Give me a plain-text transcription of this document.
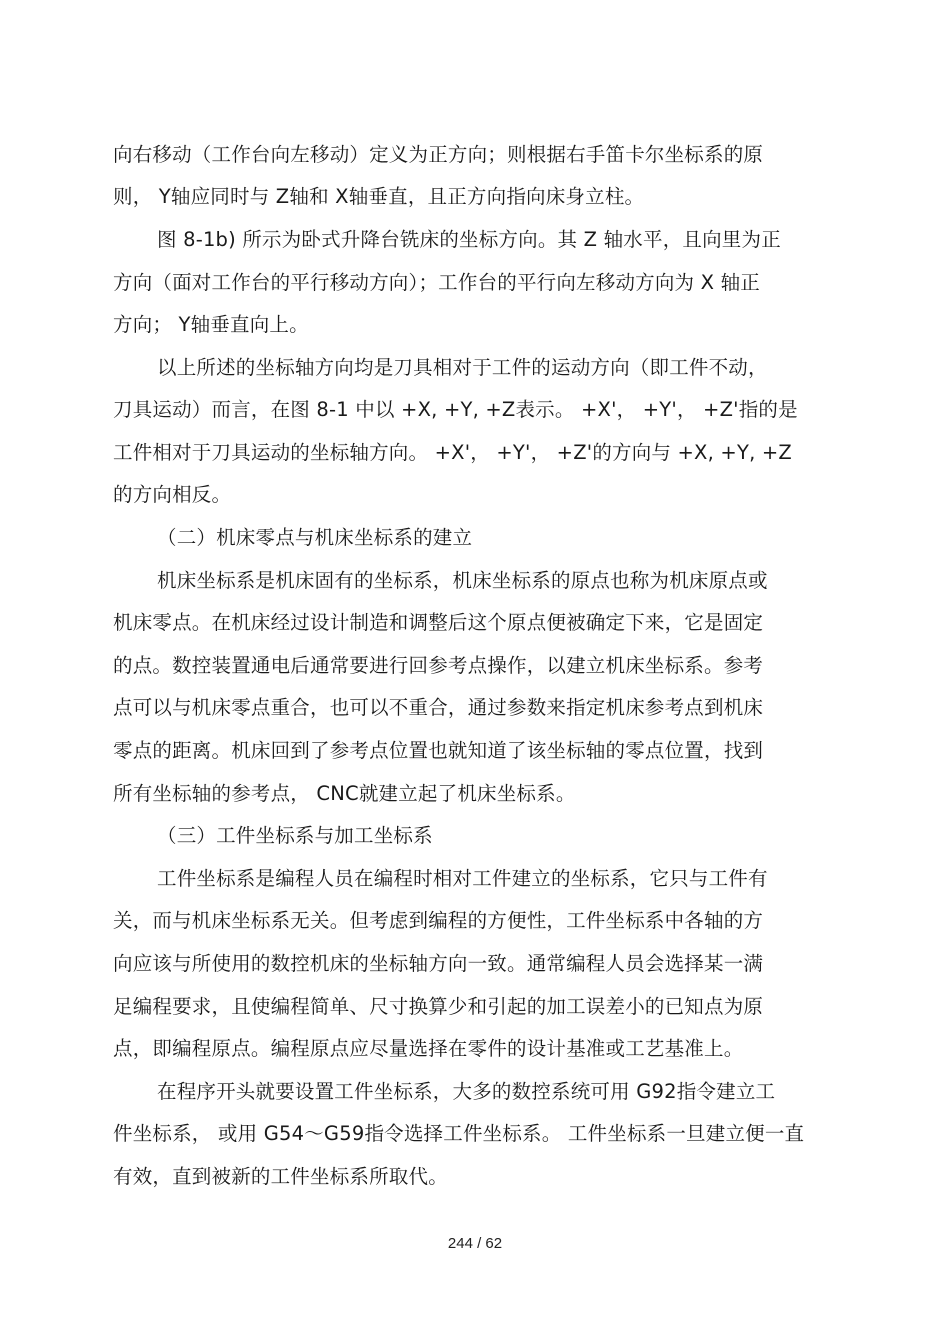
向右移动（工作台向左移动）定义为正方向；则根据右手笛卡尔坐标系的原
则， Y轴应同时与 Z轴和 X轴垂直，且正方向指向床身立柱。
图 8-1b) 所示为卧式升降台铣床的坐标方向。其 Z 轴水平，且向里为正
方向（面对工作台的平行移动方向）；工作台的平行向左移动方向为 X 轴正
方向； Y轴垂直向上。
以上所述的坐标轴方向均是刀具相对于工件的运动方向（即工件不动，
刀具运动）而言，在图 8-1 中以 +X, +Y, +Z表示。 +X'， +Y'， +Z'指的是
工件相对于刀具运动的坐标轴方向。 +X'， +Y'， +Z'的方向与 +X, +Y, +Z
的方向相反。
（二）机床零点与机床坐标系的建立
机床坐标系是机床固有的坐标系，机床坐标系的原点也称为机床原点或
机床零点。在机床经过设计制造和调整后这个原点便被确定下来，它是固定
的点。数控装置通电后通常要进行回参考点操作，以建立机床坐标系。参考
点可以与机床零点重合，也可以不重合，通过参数来指定机床参考点到机床
零点的距离。机床回到了参考点位置也就知道了该坐标轴的零点位置，找到
所有坐标轴的参考点， CNC就建立起了机床坐标系。
（三）工件坐标系与加工坐标系
工件坐标系是编程人员在编程时相对工件建立的坐标系，它只与工件有
关，而与机床坐标系无关。但考虑到编程的方便性，工件坐标系中各轴的方
向应该与所使用的数控机床的坐标轴方向一致。通常编程人员会选择某一满
足编程要求，且使编程简单、尺寸换算少和引起的加工误差小的已知点为原
点，即编程原点。编程原点应尽量选择在零件的设计基准或工艺基准上。
在程序开头就要设置工件坐标系，大多的数控系统可用 G92指令建立工
件坐标系， 或用 G54～G59指令选择工件坐标系。 工件坐标系一旦建立便一直
有效，直到被新的工件坐标系所取代。
244 / 62
